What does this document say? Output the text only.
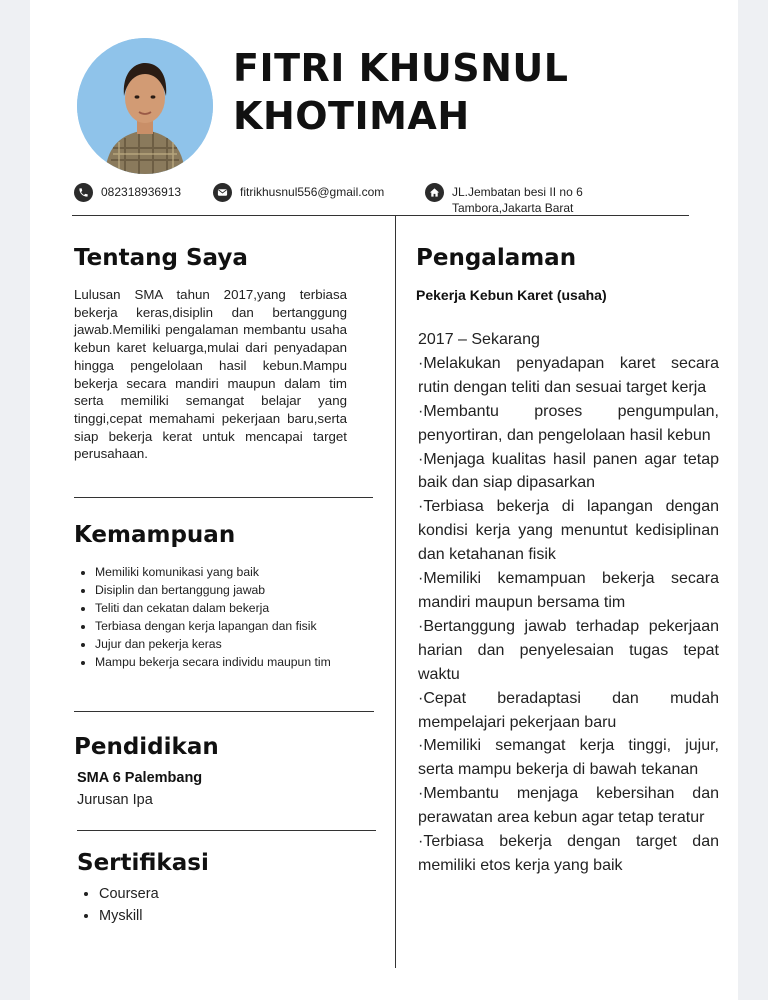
FITRI KHUSNUL
KHOTIMAH
082318936913	fitrikhusnul556@gmail.com	JL.Jembatan besi II no 6
Tambora,Jakarta Barat
Tentang Saya
Lulusan SMA tahun 2017,yang terbiasa bekerja keras,disiplin dan bertanggung jawab.Memiliki pengalaman membantu usaha kebun karet keluarga,mulai dari penyadapan hingga pengelolaan hasil kebun.Mampu bekerja secara mandiri maupun dalam tim serta memiliki semangat belajar yang tinggi,cepat memahami pekerjaan baru,serta siap bekerja kerat untuk mencapai target perusahaan.
Kemampuan
• Memiliki komunikasi yang baik
• Disiplin dan bertanggung jawab
• Teliti dan cekatan dalam bekerja
• Terbiasa dengan kerja lapangan dan fisik
• Jujur dan pekerja keras
• Mampu bekerja secara individu maupun tim
Pendidikan
SMA 6 Palembang
Jurusan Ipa
Sertifikasi
• Coursera
• Myskill
Pengalaman
Pekerja Kebun Karet (usaha)

2017 – Sekarang

·Melakukan penyadapan karet secara rutin dengan teliti dan sesuai target kerja

·Membantu proses pengumpulan, penyortiran, dan pengelolaan hasil kebun

·Menjaga kualitas hasil panen agar tetap baik dan siap dipasarkan

·Terbiasa bekerja di lapangan dengan kondisi kerja yang menuntut kedisiplinan dan ketahanan fisik

·Memiliki kemampuan bekerja secara mandiri maupun bersama tim

·Bertanggung jawab terhadap pekerjaan harian dan penyelesaian tugas tepat waktu

·Cepat beradaptasi dan mudah mempelajari pekerjaan baru

·Memiliki semangat kerja tinggi, jujur, serta mampu bekerja di bawah tekanan

·Membantu menjaga kebersihan dan perawatan area kebun agar tetap teratur

·Terbiasa bekerja dengan target dan memiliki etos kerja yang baik
